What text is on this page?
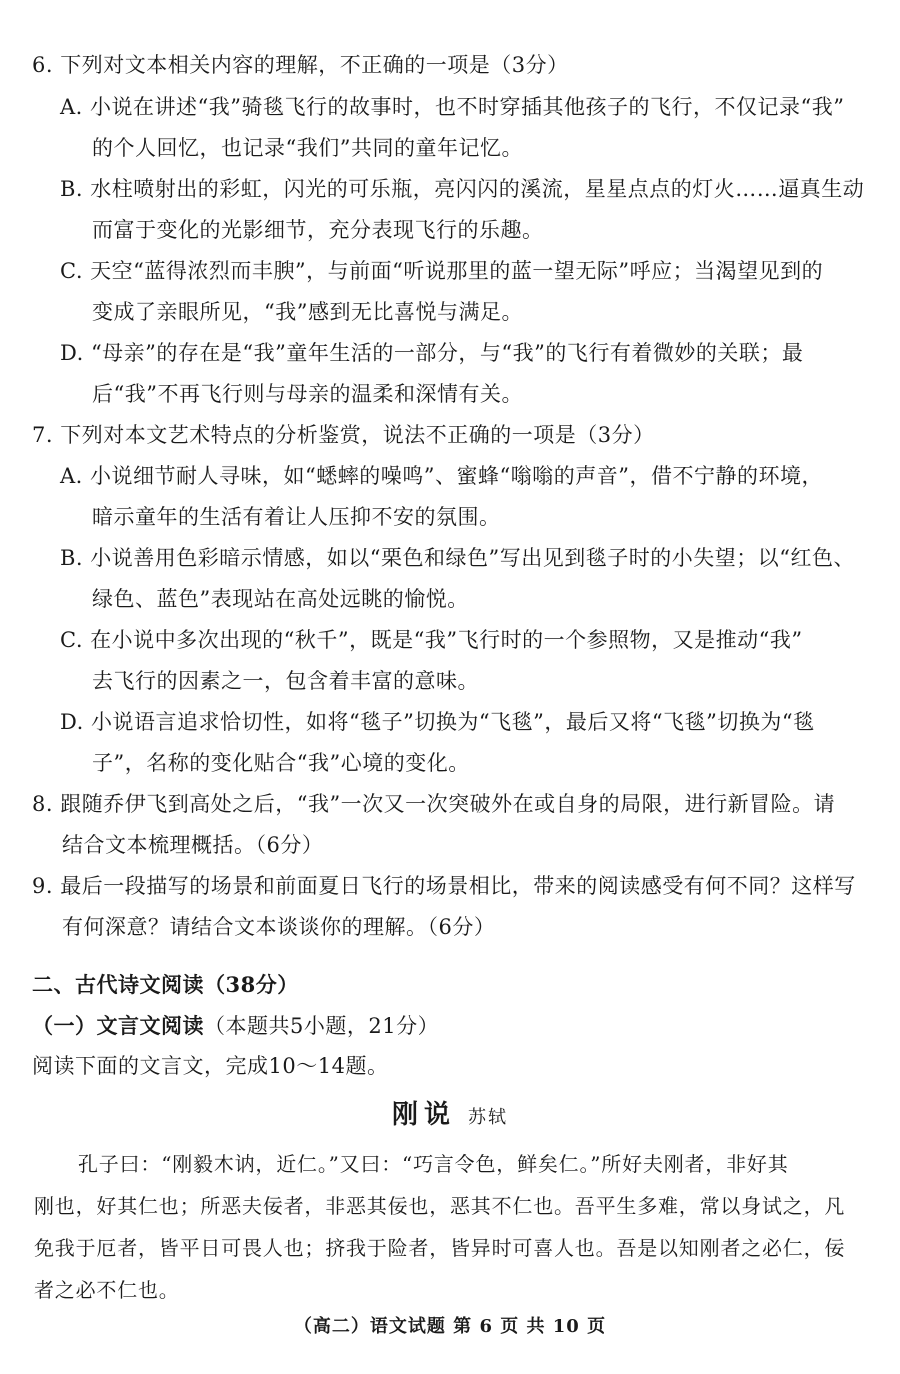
6. 下列对文本相关内容的理解，不正确的一项是（3分）
A. 小说在讲述“我”骑毯飞行的故事时，也不时穿插其他孩子的飞行，不仅记录“我”
的个人回忆，也记录“我们”共同的童年记忆。
B. 水柱喷射出的彩虹，闪光的可乐瓶，亮闪闪的溪流，星星点点的灯火……逼真生动
而富于变化的光影细节，充分表现飞行的乐趣。
C. 天空“蓝得浓烈而丰腴”，与前面“听说那里的蓝一望无际”呼应；当渴望见到的
变成了亲眼所见，“我”感到无比喜悦与满足。
D. “母亲”的存在是“我”童年生活的一部分，与“我”的飞行有着微妙的关联；最
后“我”不再飞行则与母亲的温柔和深情有关。
7. 下列对本文艺术特点的分析鉴赏，说法不正确的一项是（3分）
A. 小说细节耐人寻味，如“蟋蟀的噪鸣”、蜜蜂“嗡嗡的声音”，借不宁静的环境，
暗示童年的生活有着让人压抑不安的氛围。
B. 小说善用色彩暗示情感，如以“栗色和绿色”写出见到毯子时的小失望；以“红色、
绿色、蓝色”表现站在高处远眺的愉悦。
C. 在小说中多次出现的“秋千”，既是“我”飞行时的一个参照物，又是推动“我”
去飞行的因素之一，包含着丰富的意味。
D. 小说语言追求恰切性，如将“毯子”切换为“飞毯”，最后又将“飞毯”切换为“毯
子”，名称的变化贴合“我”心境的变化。
8. 跟随乔伊飞到高处之后，“我”一次又一次突破外在或自身的局限，进行新冒险。请
结合文本梳理概括。（6分）
9. 最后一段描写的场景和前面夏日飞行的场景相比，带来的阅读感受有何不同？这样写
有何深意？请结合文本谈谈你的理解。（6分）
二、古代诗文阅读（38分）
（一）文言文阅读（本题共5小题，21分）
阅读下面的文言文，完成10～14题。
刚说 苏轼
孔子曰：“刚毅木讷，近仁。”又曰：“巧言令色，鲜矣仁。”所好夫刚者，非好其
刚也，好其仁也；所恶夫佞者，非恶其佞也，恶其不仁也。吾平生多难，常以身试之，凡
免我于厄者，皆平日可畏人也；挤我于险者，皆异时可喜人也。吾是以知刚者之必仁，佞
者之必不仁也。
（高二）语文试题 第 6 页 共 10 页
